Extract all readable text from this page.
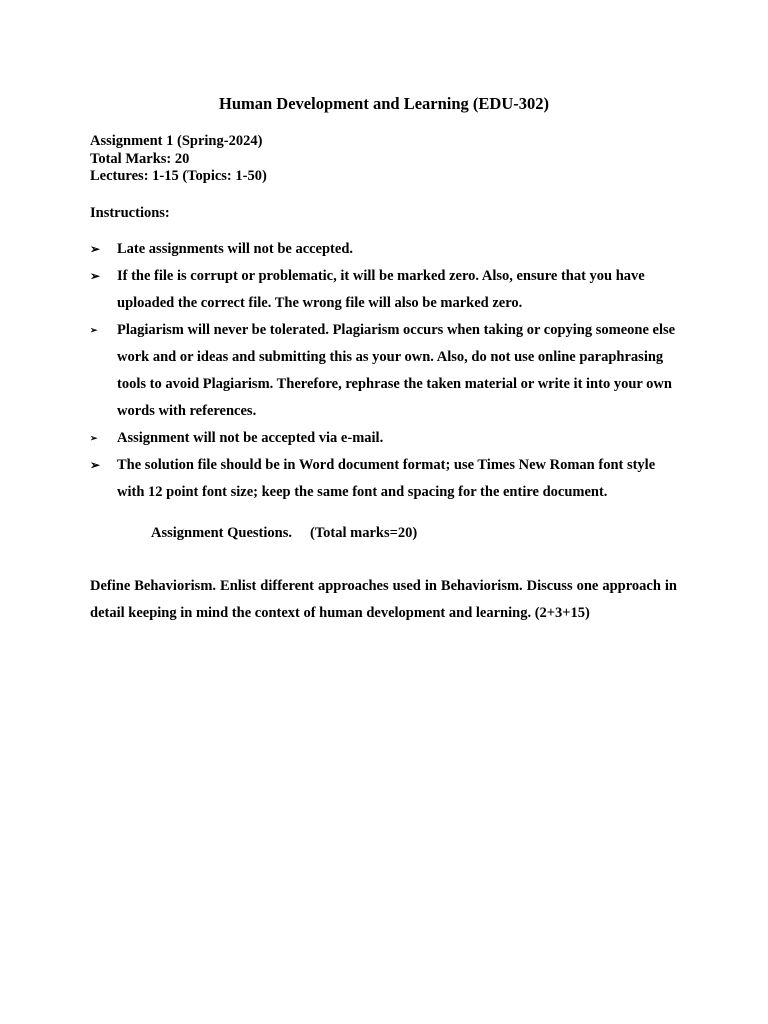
Human Development and Learning (EDU-302)
Assignment 1 (Spring-2024)
Total Marks: 20
Lectures: 1-15 (Topics: 1-50)
Instructions:
➢ Late assignments will not be accepted.
➢ If the file is corrupt or problematic, it will be marked zero. Also, ensure that you have uploaded the correct file. The wrong file will also be marked zero.
➢	Plagiarism will never be tolerated. Plagiarism occurs when taking or copying someone else work and or ideas and submitting this as your own. Also, do not use online paraphrasing tools to avoid Plagiarism. Therefore, rephrase the taken material or write it into your own words with references.
➢	Assignment will not be accepted via e-mail.
➢ The solution file should be in Word document format; use Times New Roman font style with 12 point font size; keep the same font and spacing for the entire document.
Assignment Questions. (Total marks=20)
Define Behaviorism. Enlist different approaches used in Behaviorism. Discuss one approach in detail keeping in mind the context of human development and learning. (2+3+15)
